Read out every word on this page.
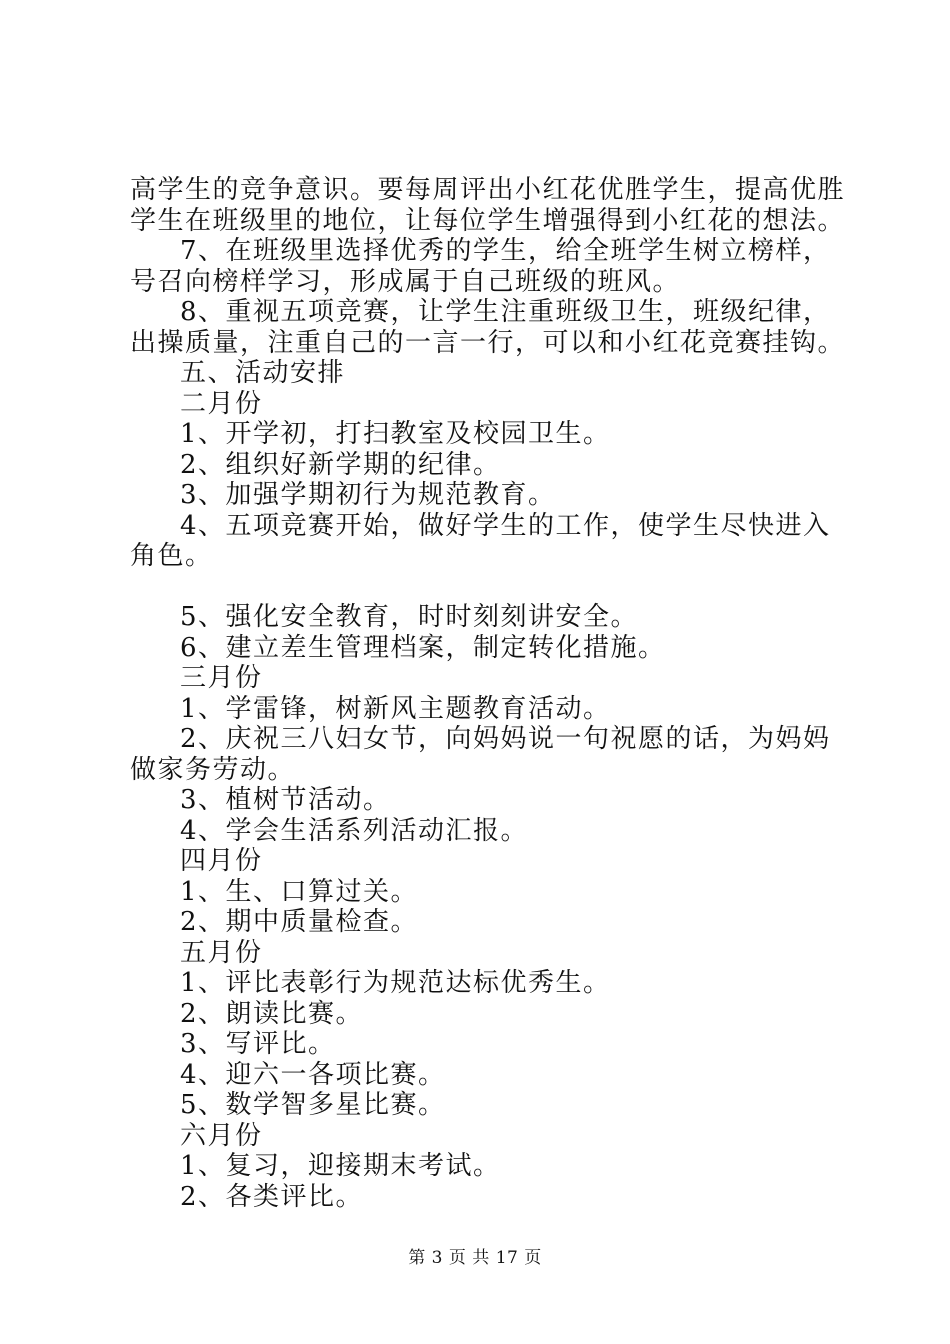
高学生的竞争意识。要每周评出小红花优胜学生，提高优胜学生在班级里的地位，让每位学生增强得到小红花的想法。

7、在班级里选择优秀的学生，给全班学生树立榜样，号召向榜样学习，形成属于自己班级的班风。

8、重视五项竞赛，让学生注重班级卫生，班级纪律，出操质量，注重自己的一言一行，可以和小红花竞赛挂钩。

五、活动安排

二月份

1、开学初，打扫教室及校园卫生。

2、组织好新学期的纪律。

3、加强学期初行为规范教育。

4、五项竞赛开始，做好学生的工作，使学生尽快进入角色。

5、强化安全教育，时时刻刻讲安全。

6、建立差生管理档案，制定转化措施。

三月份

1、学雷锋，树新风主题教育活动。

2、庆祝三八妇女节，向妈妈说一句祝愿的话，为妈妈做家务劳动。

3、植树节活动。

4、学会生活系列活动汇报。

四月份

1、生、口算过关。

2、期中质量检查。

五月份

1、评比表彰行为规范达标优秀生。

2、朗读比赛。

3、写评比。

4、迎六一各项比赛。

5、数学智多星比赛。

六月份

1、复习，迎接期末考试。

2、各类评比。

第 3 页 共 17 页
